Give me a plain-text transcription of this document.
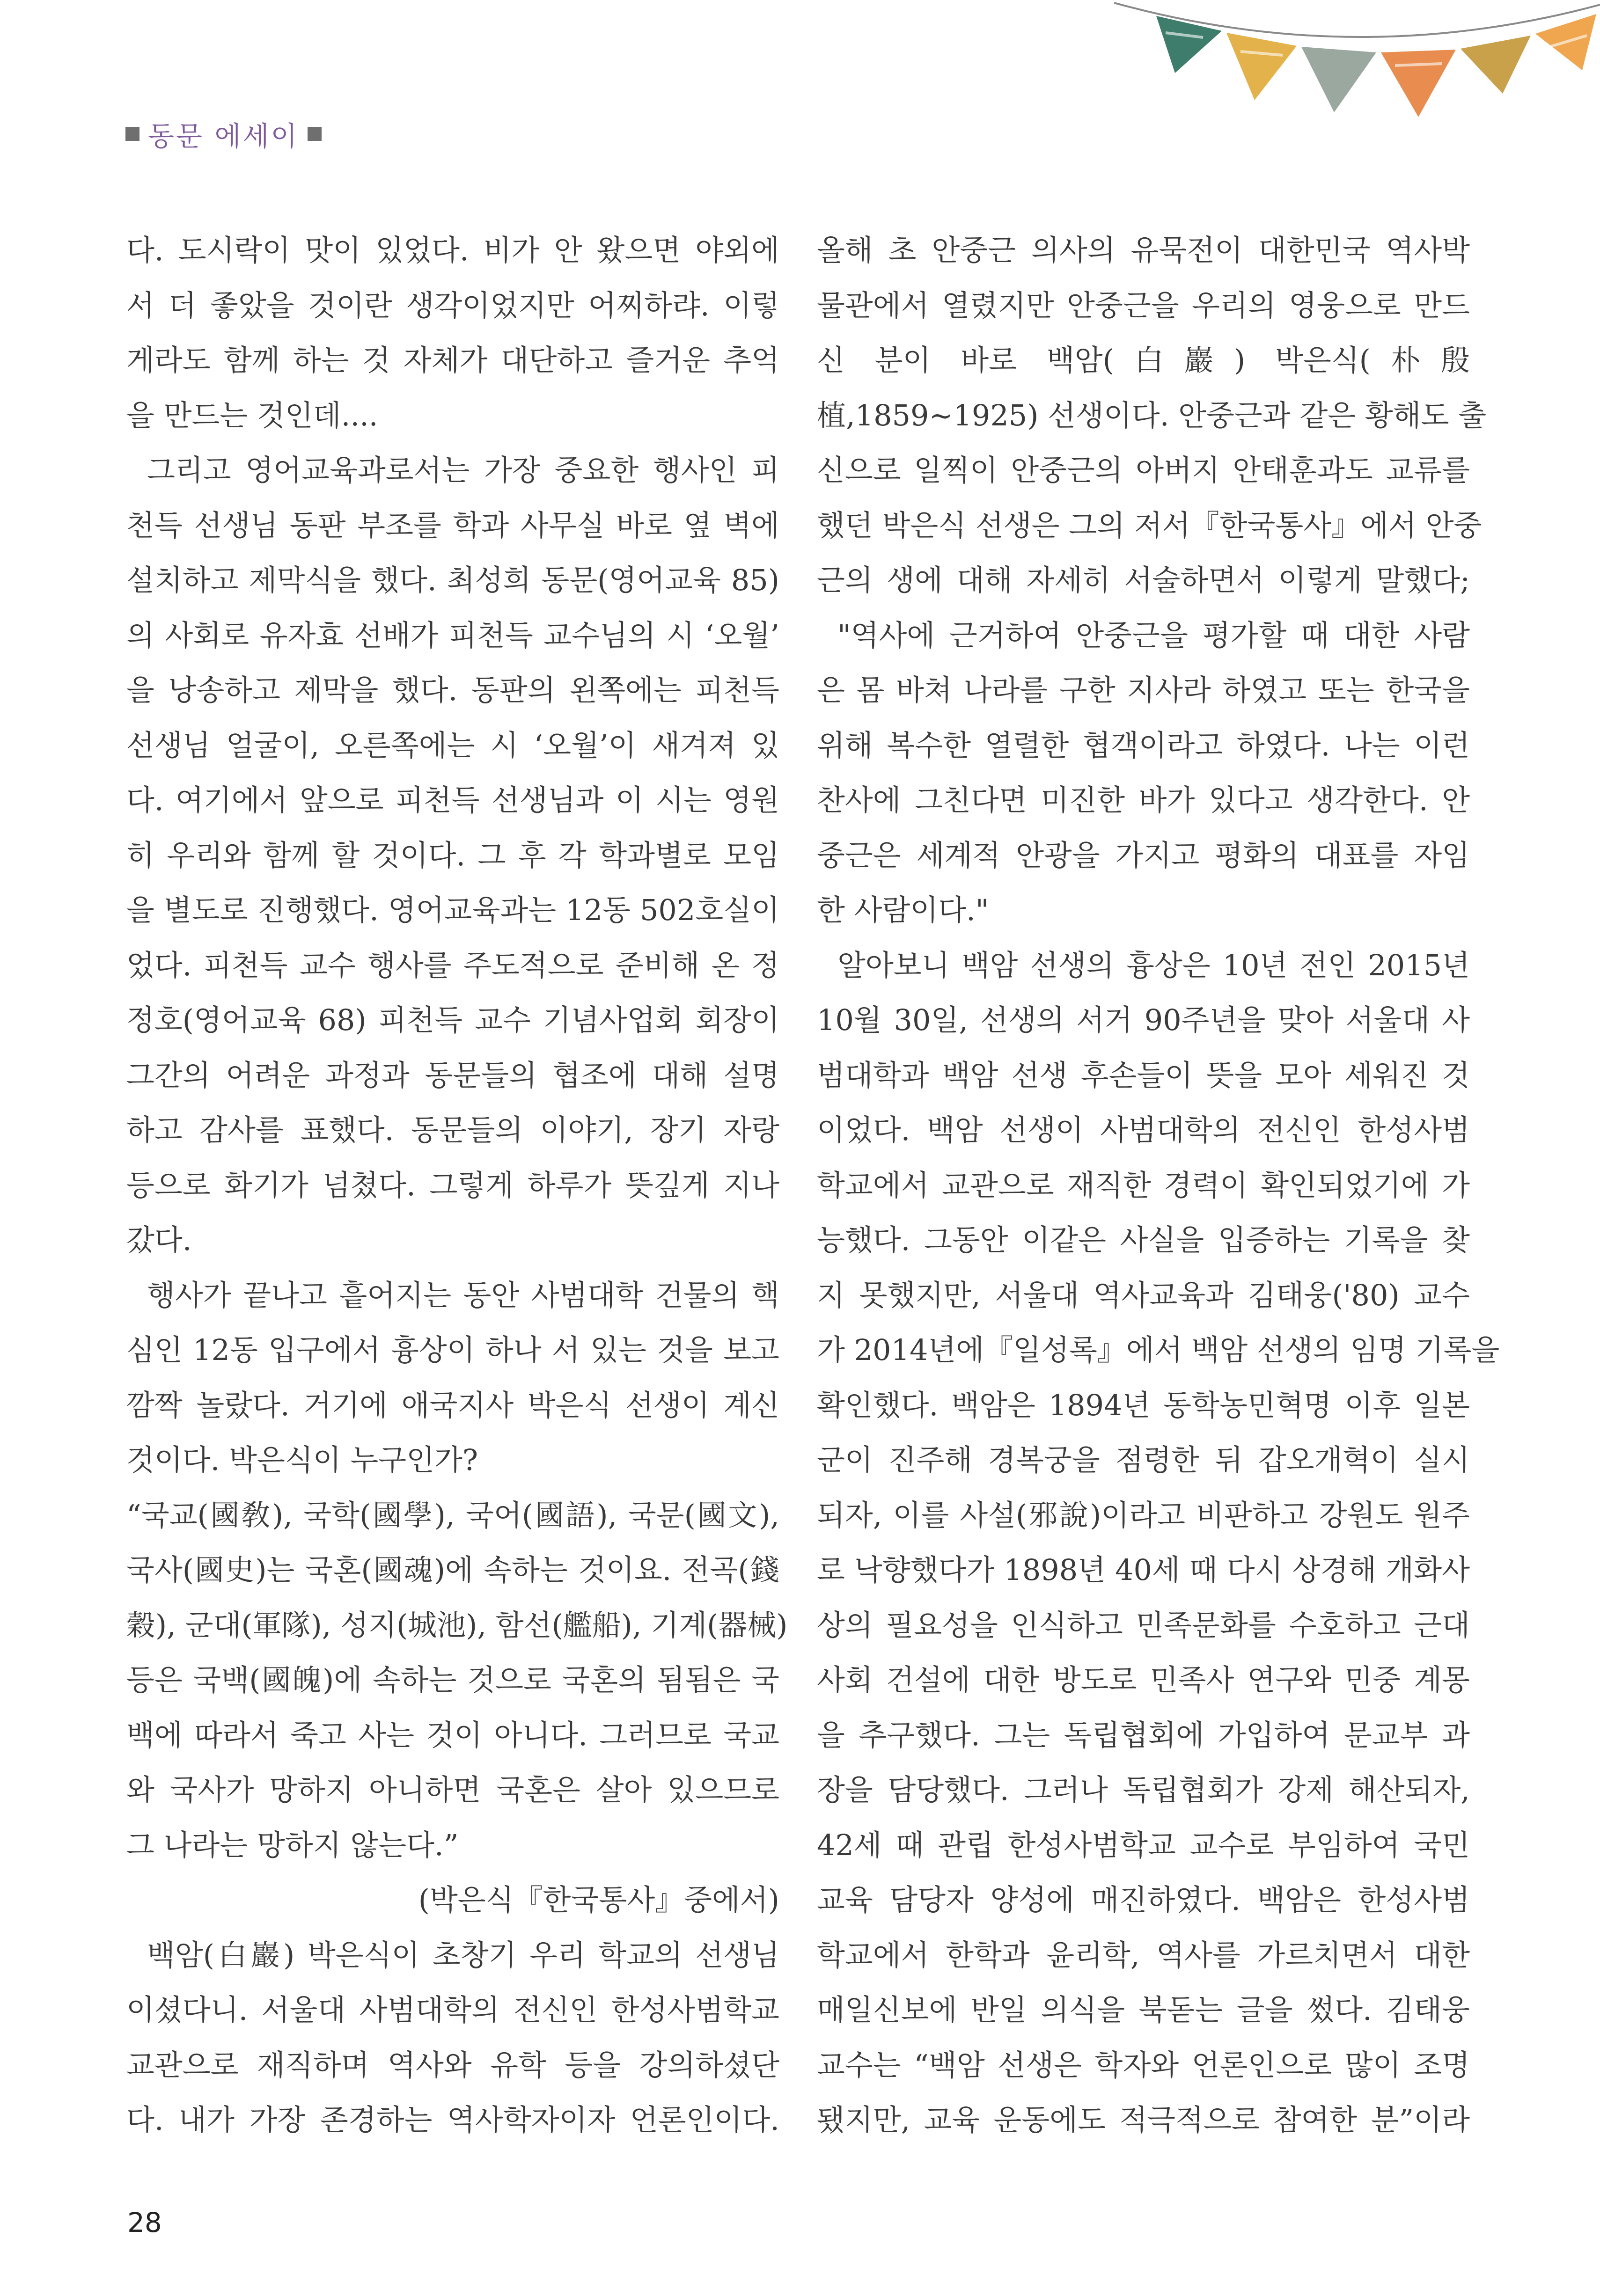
동문 에세이
다. 도시락이 맛이 있었다. 비가 안 왔으면 야외에
서 더 좋았을 것이란 생각이었지만 어찌하랴. 이렇
게라도 함께 하는 것 자체가 대단하고 즐거운 추억
을 만드는 것인데....
그리고 영어교육과로서는 가장 중요한 행사인 피
천득 선생님 동판 부조를 학과 사무실 바로 옆 벽에
설치하고 제막식을 했다. 최성희 동문(영어교육 85)
의 사회로 유자효 선배가 피천득 교수님의 시 ‘오월’
을 낭송하고 제막을 했다. 동판의 왼쪽에는 피천득
선생님 얼굴이, 오른쪽에는 시 ‘오월’이 새겨져 있
다. 여기에서 앞으로 피천득 선생님과 이 시는 영원
히 우리와 함께 할 것이다. 그 후 각 학과별로 모임
을 별도로 진행했다. 영어교육과는 12동 502호실이
었다. 피천득 교수 행사를 주도적으로 준비해 온 정
정호(영어교육 68) 피천득 교수 기념사업회 회장이
그간의 어려운 과정과 동문들의 협조에 대해 설명
하고 감사를 표했다. 동문들의 이야기, 장기 자랑
등으로 화기가 넘쳤다. 그렇게 하루가 뜻깊게 지나
갔다.
행사가 끝나고 흩어지는 동안 사범대학 건물의 핵
심인 12동 입구에서 흉상이 하나 서 있는 것을 보고
깜짝 놀랐다. 거기에 애국지사 박은식 선생이 계신
것이다. 박은식이 누구인가?
“국교(國敎), 국학(國學), 국어(國語), 국문(國文),
국사(國史)는 국혼(國魂)에 속하는 것이요. 전곡(錢
穀), 군대(軍隊), 성지(城池), 함선(艦船), 기계(器械)
등은 국백(國魄)에 속하는 것으로 국혼의 됨됨은 국
백에 따라서 죽고 사는 것이 아니다. 그러므로 국교
와 국사가 망하지 아니하면 국혼은 살아 있으므로
그 나라는 망하지 않는다.”
(박은식『한국통사』중에서)
백암(白巖) 박은식이 초창기 우리 학교의 선생님
이셨다니. 서울대 사범대학의 전신인 한성사범학교
교관으로 재직하며 역사와 유학 등을 강의하셨단
다. 내가 가장 존경하는 역사학자이자 언론인이다.
올해 초 안중근 의사의 유묵전이 대한민국 역사박
물관에서 열렸지만 안중근을 우리의 영웅으로 만드
신 분이 바로 백암(白巖) 박은식(朴殷
植,1859~1925) 선생이다. 안중근과 같은 황해도 출
신으로 일찍이 안중근의 아버지 안태훈과도 교류를
했던 박은식 선생은 그의 저서『한국통사』에서 안중
근의 생에 대해 자세히 서술하면서 이렇게 말했다;
"역사에 근거하여 안중근을 평가할 때 대한 사람
은 몸 바쳐 나라를 구한 지사라 하였고 또는 한국을
위해 복수한 열렬한 협객이라고 하였다. 나는 이런
찬사에 그친다면 미진한 바가 있다고 생각한다. 안
중근은 세계적 안광을 가지고 평화의 대표를 자임
한 사람이다."
알아보니 백암 선생의 흉상은 10년 전인 2015년
10월 30일, 선생의 서거 90주년을 맞아 서울대 사
범대학과 백암 선생 후손들이 뜻을 모아 세워진 것
이었다. 백암 선생이 사범대학의 전신인 한성사범
학교에서 교관으로 재직한 경력이 확인되었기에 가
능했다. 그동안 이같은 사실을 입증하는 기록을 찾
지 못했지만, 서울대 역사교육과 김태웅('80) 교수
가 2014년에『일성록』에서 백암 선생의 임명 기록을
확인했다. 백암은 1894년 동학농민혁명 이후 일본
군이 진주해 경복궁을 점령한 뒤 갑오개혁이 실시
되자, 이를 사설(邪說)이라고 비판하고 강원도 원주
로 낙향했다가 1898년 40세 때 다시 상경해 개화사
상의 필요성을 인식하고 민족문화를 수호하고 근대
사회 건설에 대한 방도로 민족사 연구와 민중 계몽
을 추구했다. 그는 독립협회에 가입하여 문교부 과
장을 담당했다. 그러나 독립협회가 강제 해산되자,
42세 때 관립 한성사범학교 교수로 부임하여 국민
교육 담당자 양성에 매진하였다. 백암은 한성사범
학교에서 한학과 윤리학, 역사를 가르치면서 대한
매일신보에 반일 의식을 북돋는 글을 썼다. 김태웅
교수는 “백암 선생은 학자와 언론인으로 많이 조명
됐지만, 교육 운동에도 적극적으로 참여한 분”이라
28
